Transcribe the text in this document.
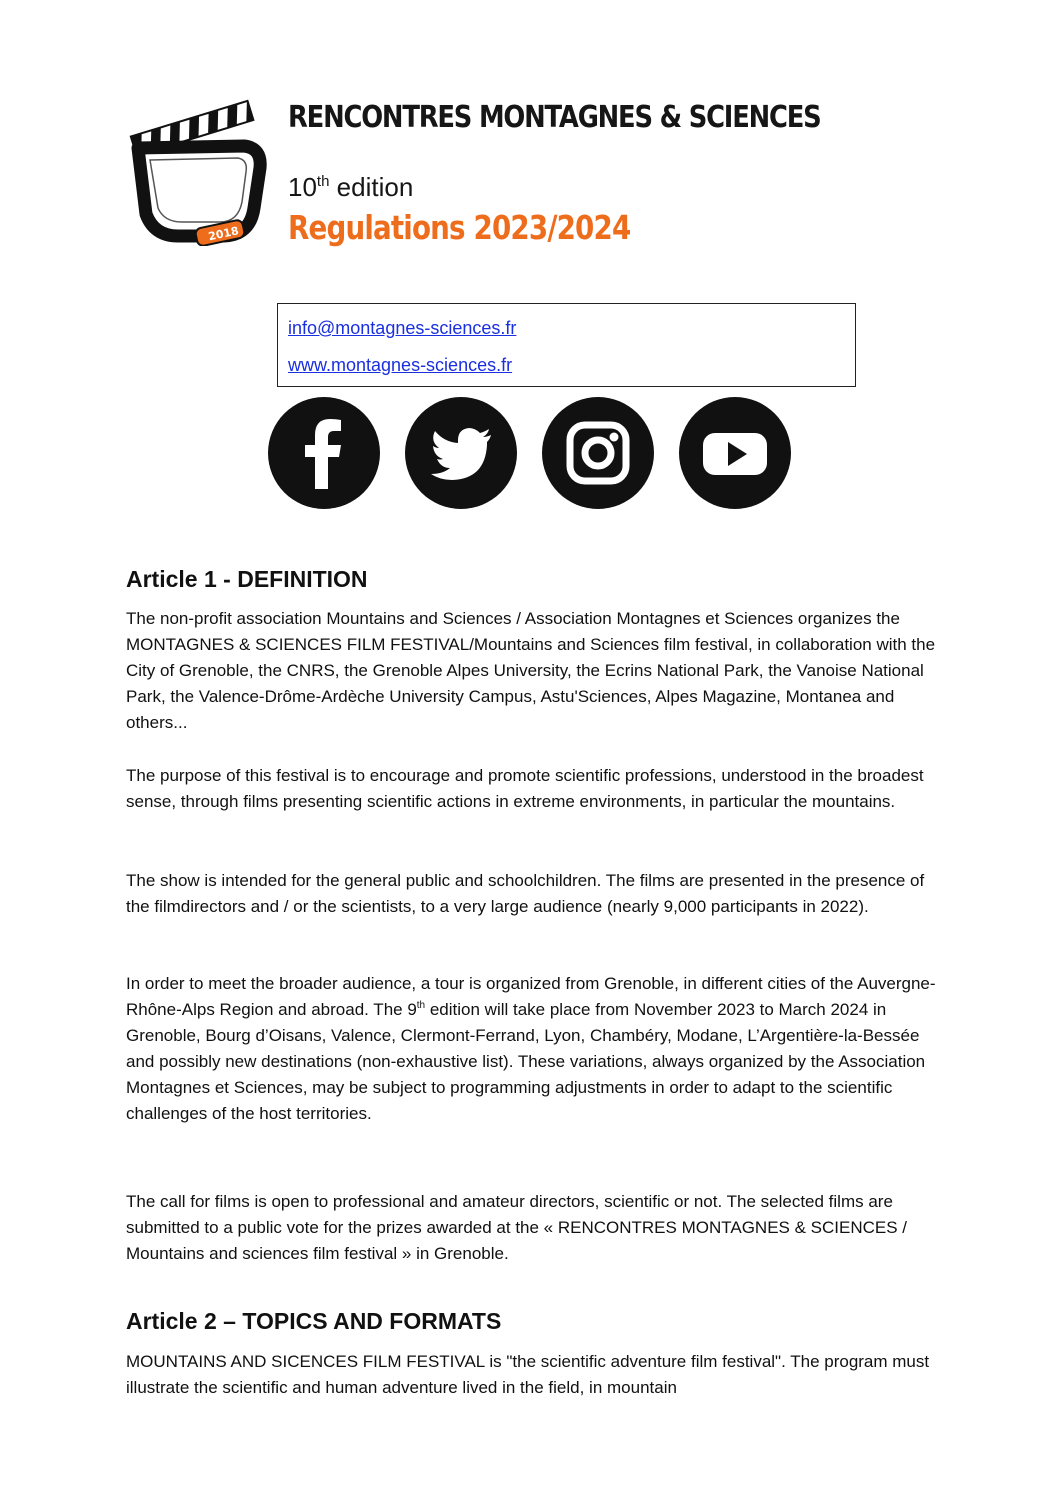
2018
RENCONTRES MONTAGNES & SCIENCES

10th edition

Regulations 2023/2024
info@montagnes-sciences.fr
www.montagnes-sciences.fr
Article 1 - DEFINITION

The non-profit association Mountains and Sciences / Association Montagnes et Sciences organizes the MONTAGNES & SCIENCES FILM FESTIVAL/Mountains and Sciences film festival, in collaboration with the City of Grenoble, the CNRS, the Grenoble Alpes University, the Ecrins National Park, the Vanoise National Park, the Valence-Drôme-Ardèche University Campus, Astu'Sciences, Alpes Magazine, Montanea and others...

The purpose of this festival is to encourage and promote scientific professions, understood in the broadest sense, through films presenting scientific actions in extreme environments, in particular the mountains.

The show is intended for the general public and schoolchildren. The films are presented in the presence of the filmdirectors and / or the scientists, to a very large audience (nearly 9,000 participants in 2022).

In order to meet the broader audience, a tour is organized from Grenoble, in different cities of the Auvergne-Rhône-Alps Region and abroad. The 9th edition will take place from November 2023 to March 2024 in Grenoble, Bourg d’Oisans, Valence, Clermont-Ferrand, Lyon, Chambéry, Modane, L’Argentière-la-Bessée and possibly new destinations (non-exhaustive list). These variations, always organized by the Association Montagnes et Sciences, may be subject to programming adjustments in order to adapt to the scientific challenges of the host territories.

The call for films is open to professional and amateur directors, scientific or not. The selected films are submitted to a public vote for the prizes awarded at the « RENCONTRES MONTAGNES & SCIENCES / Mountains and sciences film festival » in Grenoble.

Article 2 – TOPICS AND FORMATS

MOUNTAINS AND SICENCES FILM FESTIVAL is "the scientific adventure film festival". The program must illustrate the scientific and human adventure lived in the field, in mountain
